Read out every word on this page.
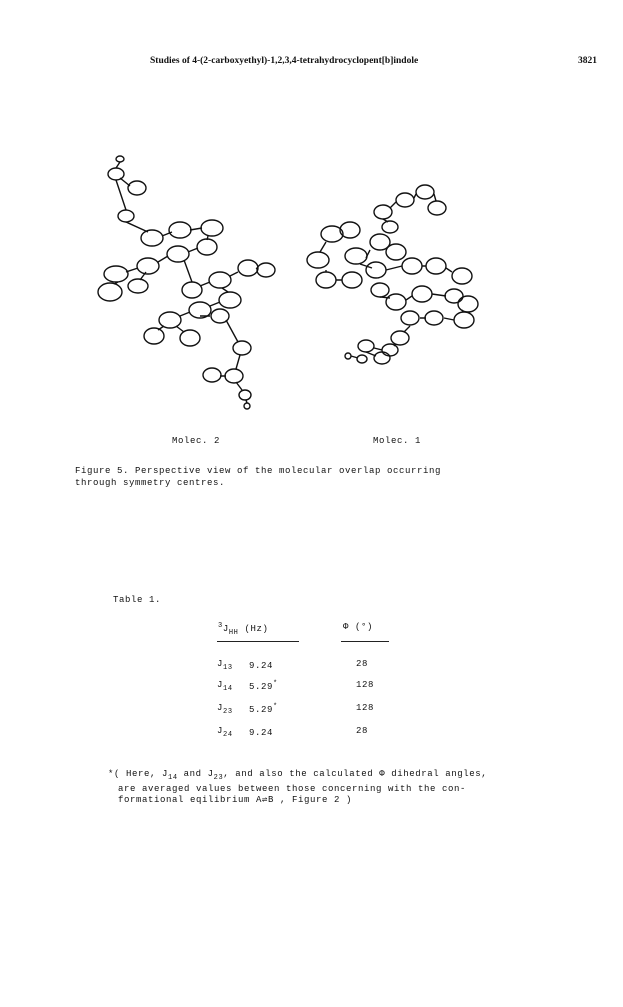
Studies of 4-(2-carboxyethyl)-1,2,3,4-tetrahydrocyclopent[b]indole	3821
Molec. 2	Molec. 1
Figure 5. Perspective view of the molecular overlap occurring
through symmetry centres.
Table 1.
$^3J_{HH}$ (Hz)	Φ (°)
$J_{13}$ 9.24	28
$J_{14}$ 5.29*	128
$J_{23}$ 5.29*	128
$J_{24}$ 9.24	28
*( Here, $J_{14}$ and $J_{23}$, and also the calculated Φ dihedral angles,
are averaged values between those concerning with the con-
formational eqilibrium A⇌B , Figure 2 )
